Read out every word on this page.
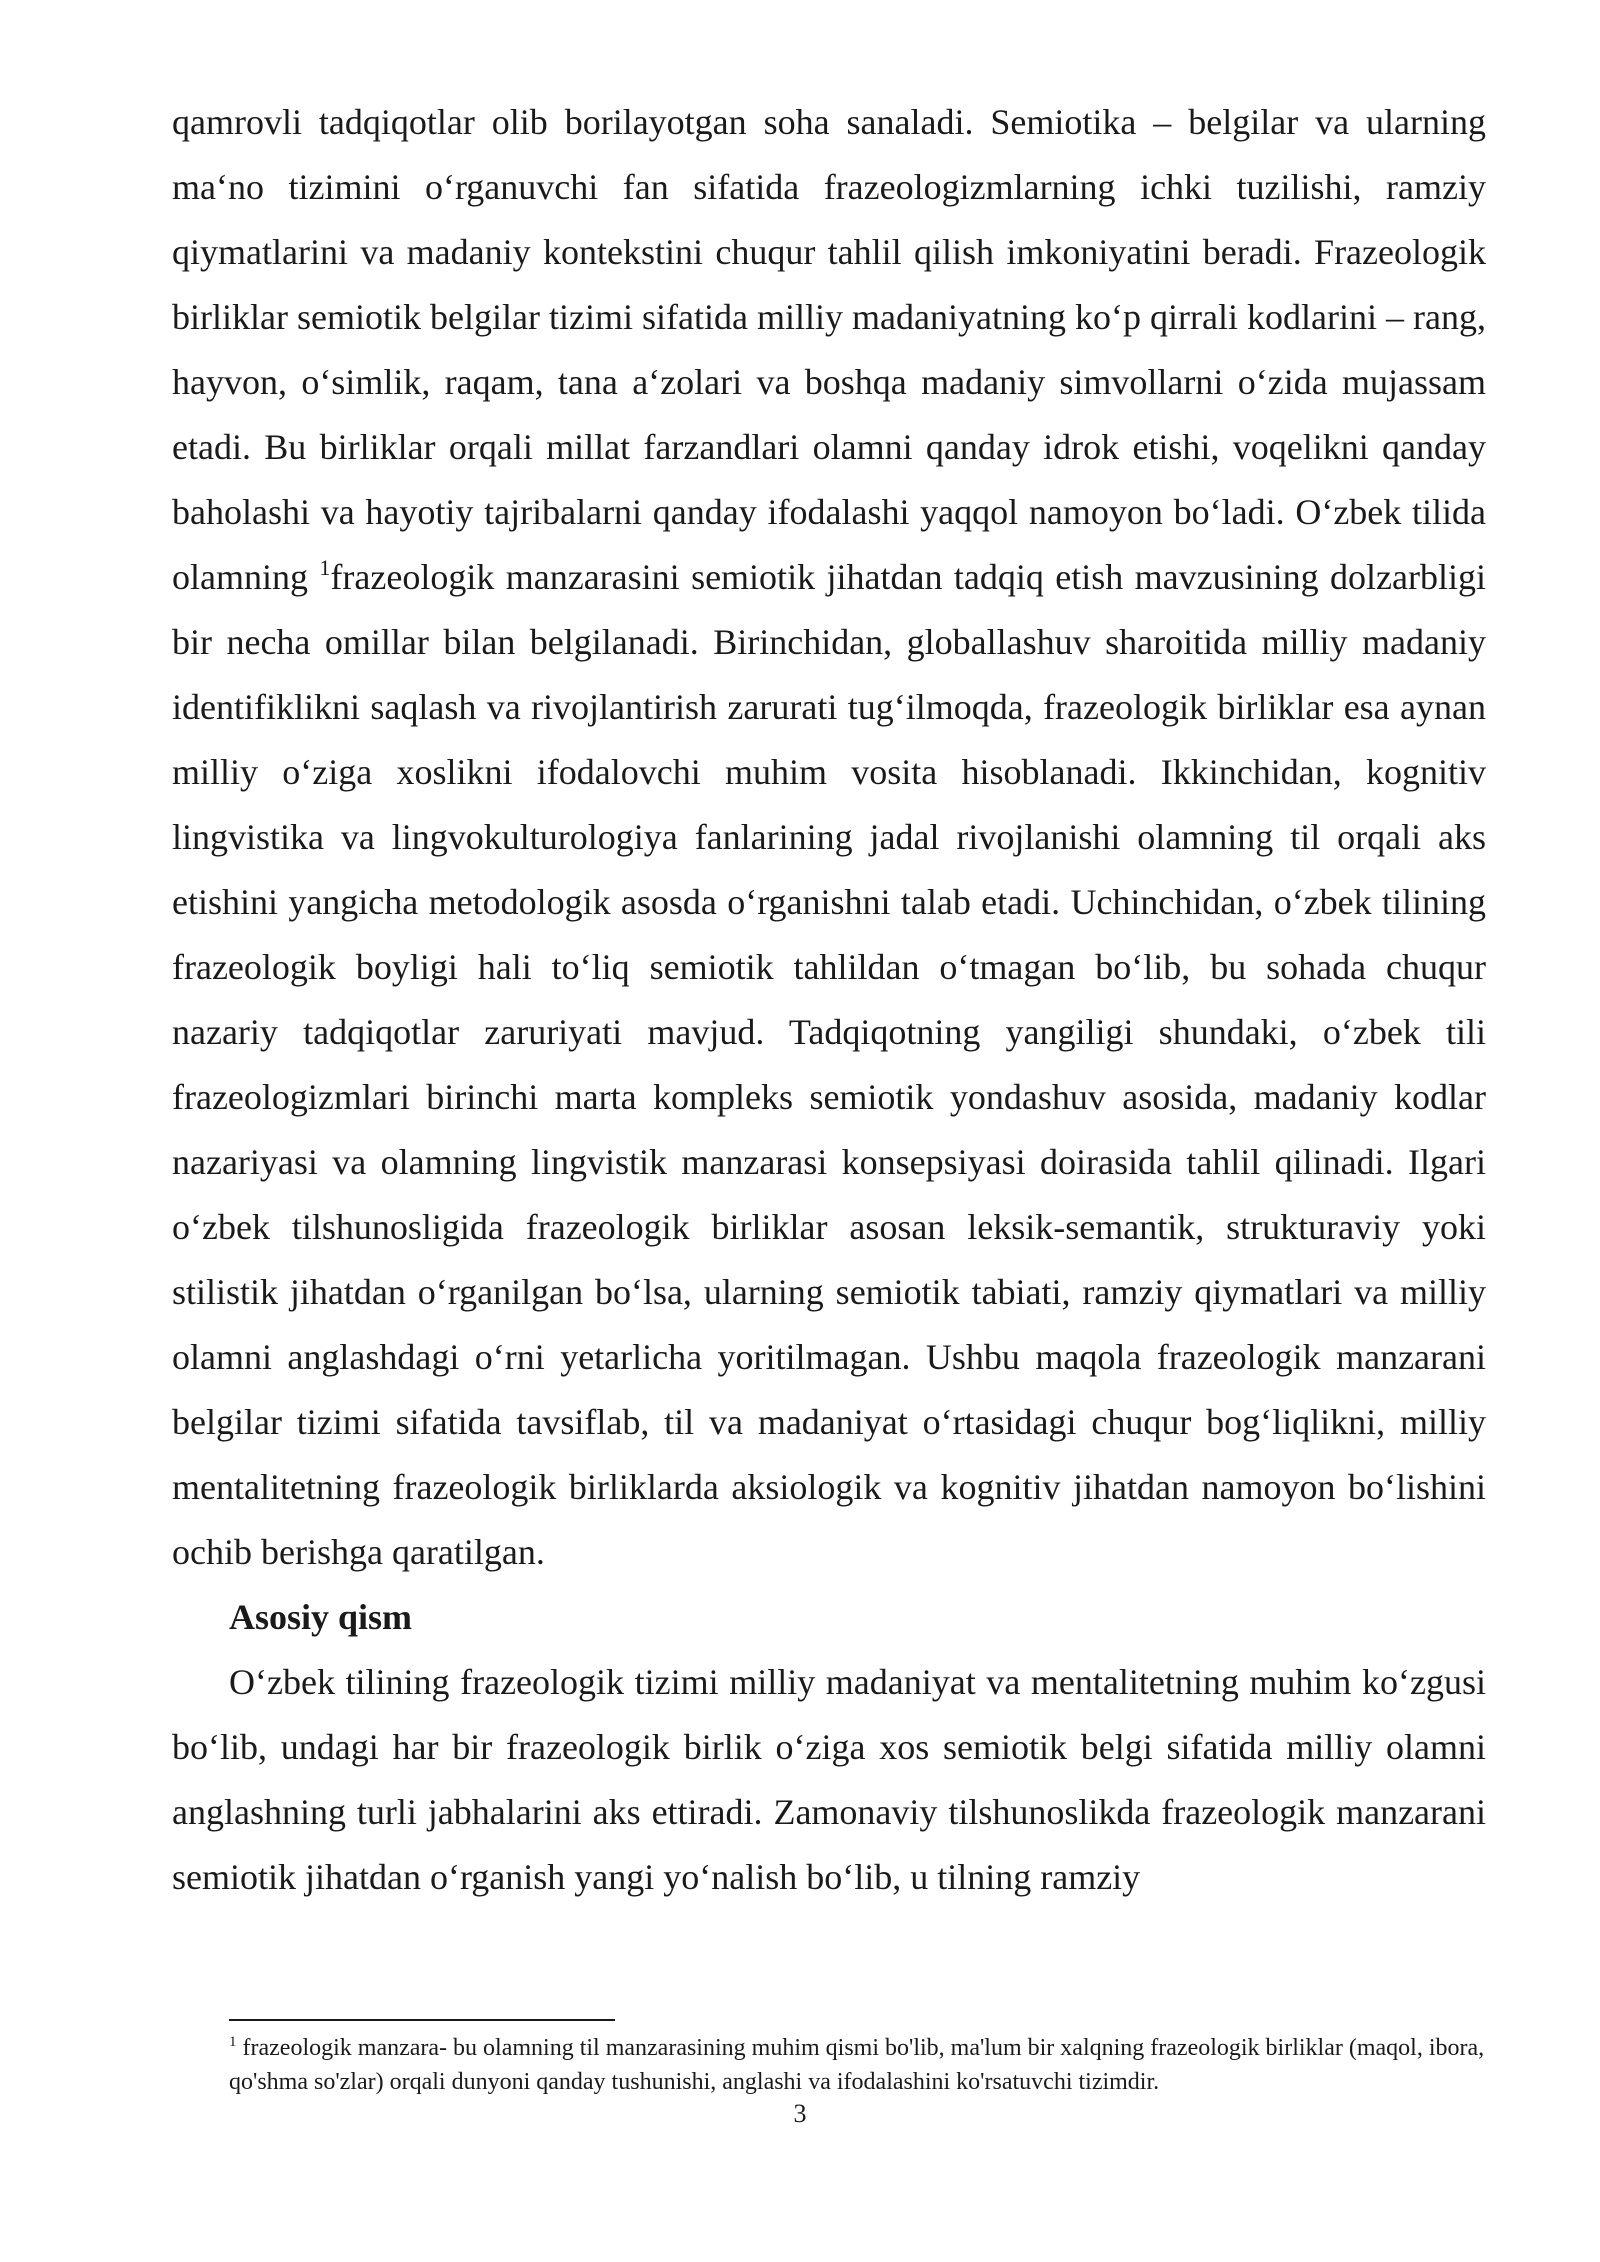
qamrovli tadqiqotlar olib borilayotgan soha sanaladi. Semiotika – belgilar va ularning maʻno tizimini oʻrganuvchi fan sifatida frazeologizmlarning ichki tuzilishi, ramziy qiymatlarini va madaniy kontekstini chuqur tahlil qilish imkoniyatini beradi. Frazeologik birliklar semiotik belgilar tizimi sifatida milliy madaniyatning koʻp qirrali kodlarini – rang, hayvon, oʻsimlik, raqam, tana aʻzolari va boshqa madaniy simvollarni oʻzida mujassam etadi. Bu birliklar orqali millat farzandlari olamni qanday idrok etishi, voqelikni qanday baholashi va hayotiy tajribalarni qanday ifodalashi yaqqol namoyon boʻladi. Oʻzbek tilida olamning $^1$frazeologik manzarasini semiotik jihatdan tadqiq etish mavzusining dolzarbligi bir necha omillar bilan belgilanadi. Birinchidan, globallashuv sharoitida milliy madaniy identifiklikni saqlash va rivojlantirish zarurati tugʻilmoqda, frazeologik birliklar esa aynan milliy oʻziga xoslikni ifodalovchi muhim vosita hisoblanadi. Ikkinchidan, kognitiv lingvistika va lingvokulturologiya fanlarining jadal rivojlanishi olamning til orqali aks etishini yangicha metodologik asosda oʻrganishni talab etadi. Uchinchidan, oʻzbek tilining frazeologik boyligi hali toʻliq semiotik tahlildan oʻtmagan boʻlib, bu sohada chuqur nazariy tadqiqotlar zaruriyati mavjud. Tadqiqotning yangiligi shundaki, oʻzbek tili frazeologizmlari birinchi marta kompleks semiotik yondashuv asosida, madaniy kodlar nazariyasi va olamning lingvistik manzarasi konsepsiyasi doirasida tahlil qilinadi. Ilgari oʻzbek tilshunosligida frazeologik birliklar asosan leksik-semantik, strukturaviy yoki stilistik jihatdan oʻrganilgan boʻlsa, ularning semiotik tabiati, ramziy qiymatlari va milliy olamni anglashdagi oʻrni yetarlicha yoritilmagan. Ushbu maqola frazeologik manzarani belgilar tizimi sifatida tavsiflab, til va madaniyat oʻrtasidagi chuqur bogʻliqlikni, milliy mentalitetning frazeologik birliklarda aksiologik va kognitiv jihatdan namoyon boʻlishini ochib berishga qaratilgan.

Asosiy qism

Oʻzbek tilining frazeologik tizimi milliy madaniyat va mentalitetning muhim koʻzgusi boʻlib, undagi har bir frazeologik birlik oʻziga xos semiotik belgi sifatida milliy olamni anglashning turli jabhalarini aks ettiradi. Zamonaviy tilshunoslikda frazeologik manzarani semiotik jihatdan oʻrganish yangi yoʻnalish boʻlib, u tilning ramziy

$^1$ frazeologik manzara- bu olamning til manzarasining muhim qismi bo'lib, ma'lum bir xalqning frazeologik birliklar (maqol, ibora, qo'shma so'zlar) orqali dunyoni qanday tushunishi, anglashi va ifodalashini ko'rsatuvchi tizimdir.
3
